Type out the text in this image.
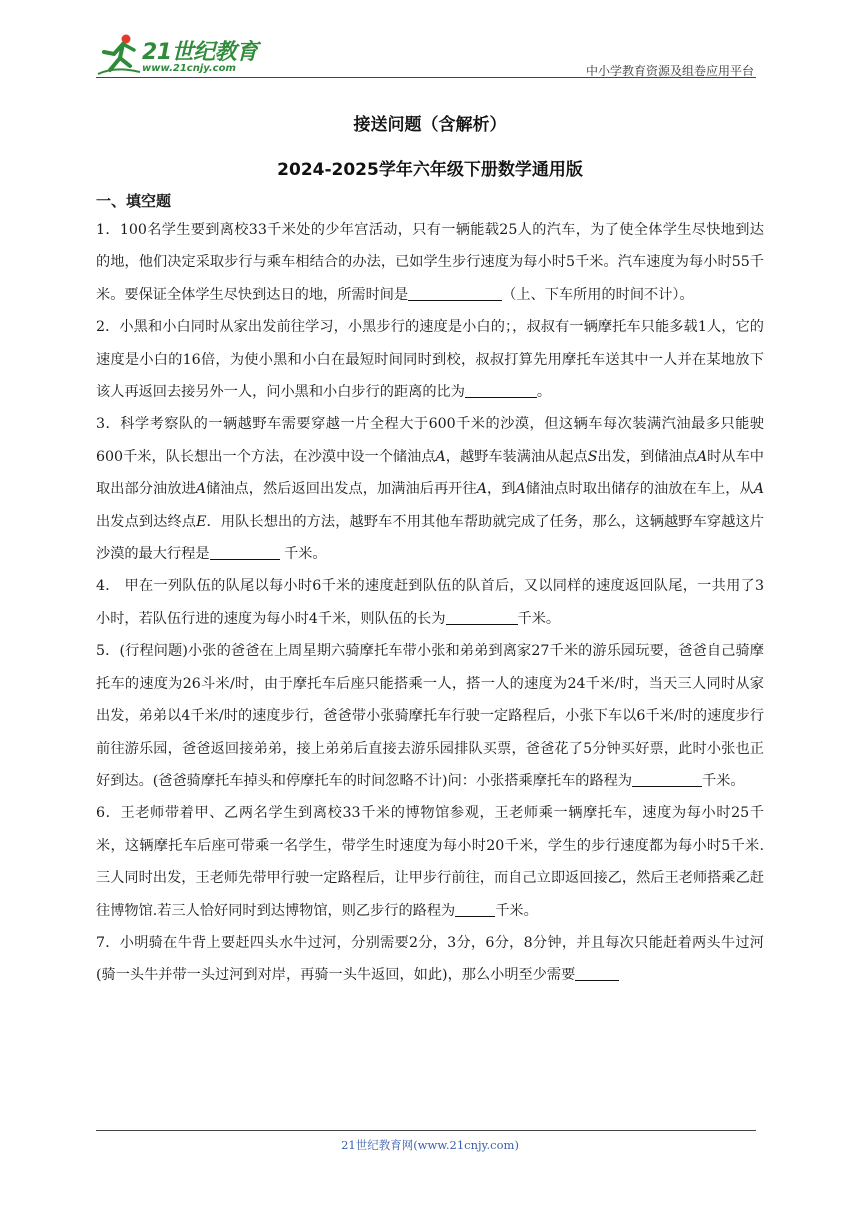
21世纪教育
www.21cnjy.com	中小学教育资源及组卷应用平台
接送问题（含解析）
2024-2025学年六年级下册数学通用版
一、填空题

1．100名学生要到离校33千米处的少年宫活动，只有一辆能载25人的汽车，为了使全体学生尽快地到达的地，他们决定采取步行与乘车相结合的办法，已如学生步行速度为每小时5千米。汽车速度为每小时55千米。要保证全体学生尽快到达日的地，所需时间是	（上、下车所用的时间不计）。

2．小黑和小白同时从家出发前往学习，小黑步行的速度是小白的；，叔叔有一辆摩托车只能多载1人，它的速度是小白的16倍，为使小黑和小白在最短时间同时到校，叔叔打算先用摩托车送其中一人并在某地放下该人再返回去接另外一人，问小黑和小白步行的距离的比为	。

3．科学考察队的一辆越野车需要穿越一片全程大于600千米的沙漠，但这辆车每次装满汽油最多只能驶600千米，队长想出一个方法，在沙漠中设一个储油点A，越野车装满油从起点S出发，到储油点A时从车中取出部分油放进A储油点，然后返回出发点，加满油后再开往A，到A储油点时取出储存的油放在车上，从A出发点到达终点E．用队长想出的方法，越野车不用其他车帮助就完成了任务，那么，这辆越野车穿越这片沙漠的最大行程是	千米。

4． 甲在一列队伍的队尾以每小时6千米的速度赶到队伍的队首后，又以同样的速度返回队尾，一共用了3小时，若队伍行进的速度为每小时4千米，则队伍的长为	千米。

5．(行程问题)小张的爸爸在上周星期六骑摩托车带小张和弟弟到离家27千米的游乐园玩要，爸爸自己骑摩托车的速度为26斗米/时，由于摩托车后座只能搭乘一人，搭一人的速度为24千米/时，当天三人同时从家出发，弟弟以4千米/时的速度步行，爸爸带小张骑摩托车行驶一定路程后，小张下车以6千米/时的速度步行前往游乐园，爸爸返回接弟弟，接上弟弟后直接去游乐园排队买票，爸爸花了5分钟买好票，此时小张也正好到达。(爸爸骑摩托车掉头和停摩托车的时间忽略不计)问：小张搭乘摩托车的路程为	千米。

6．王老师带着甲、乙两名学生到离校33千米的博物馆参观，王老师乘一辆摩托车，速度为每小时25千米，这辆摩托车后座可带乘一名学生，带学生时速度为每小时20千米，学生的步行速度都为每小时5千米.三人同时出发，王老师先带甲行驶一定路程后，让甲步行前往，而自己立即返回接乙，然后王老师搭乘乙赶往博物馆.若三人恰好同时到达博物馆，则乙步行的路程为	千米。

7．小明骑在牛背上要赶四头水牛过河，分别需要2分，3分，6分，8分钟，并且每次只能赶着两头牛过河(骑一头牛并带一头过河到对岸，再骑一头牛返回，如此)，那么小明至少需要

21世纪教育网(www.21cnjy.com)
